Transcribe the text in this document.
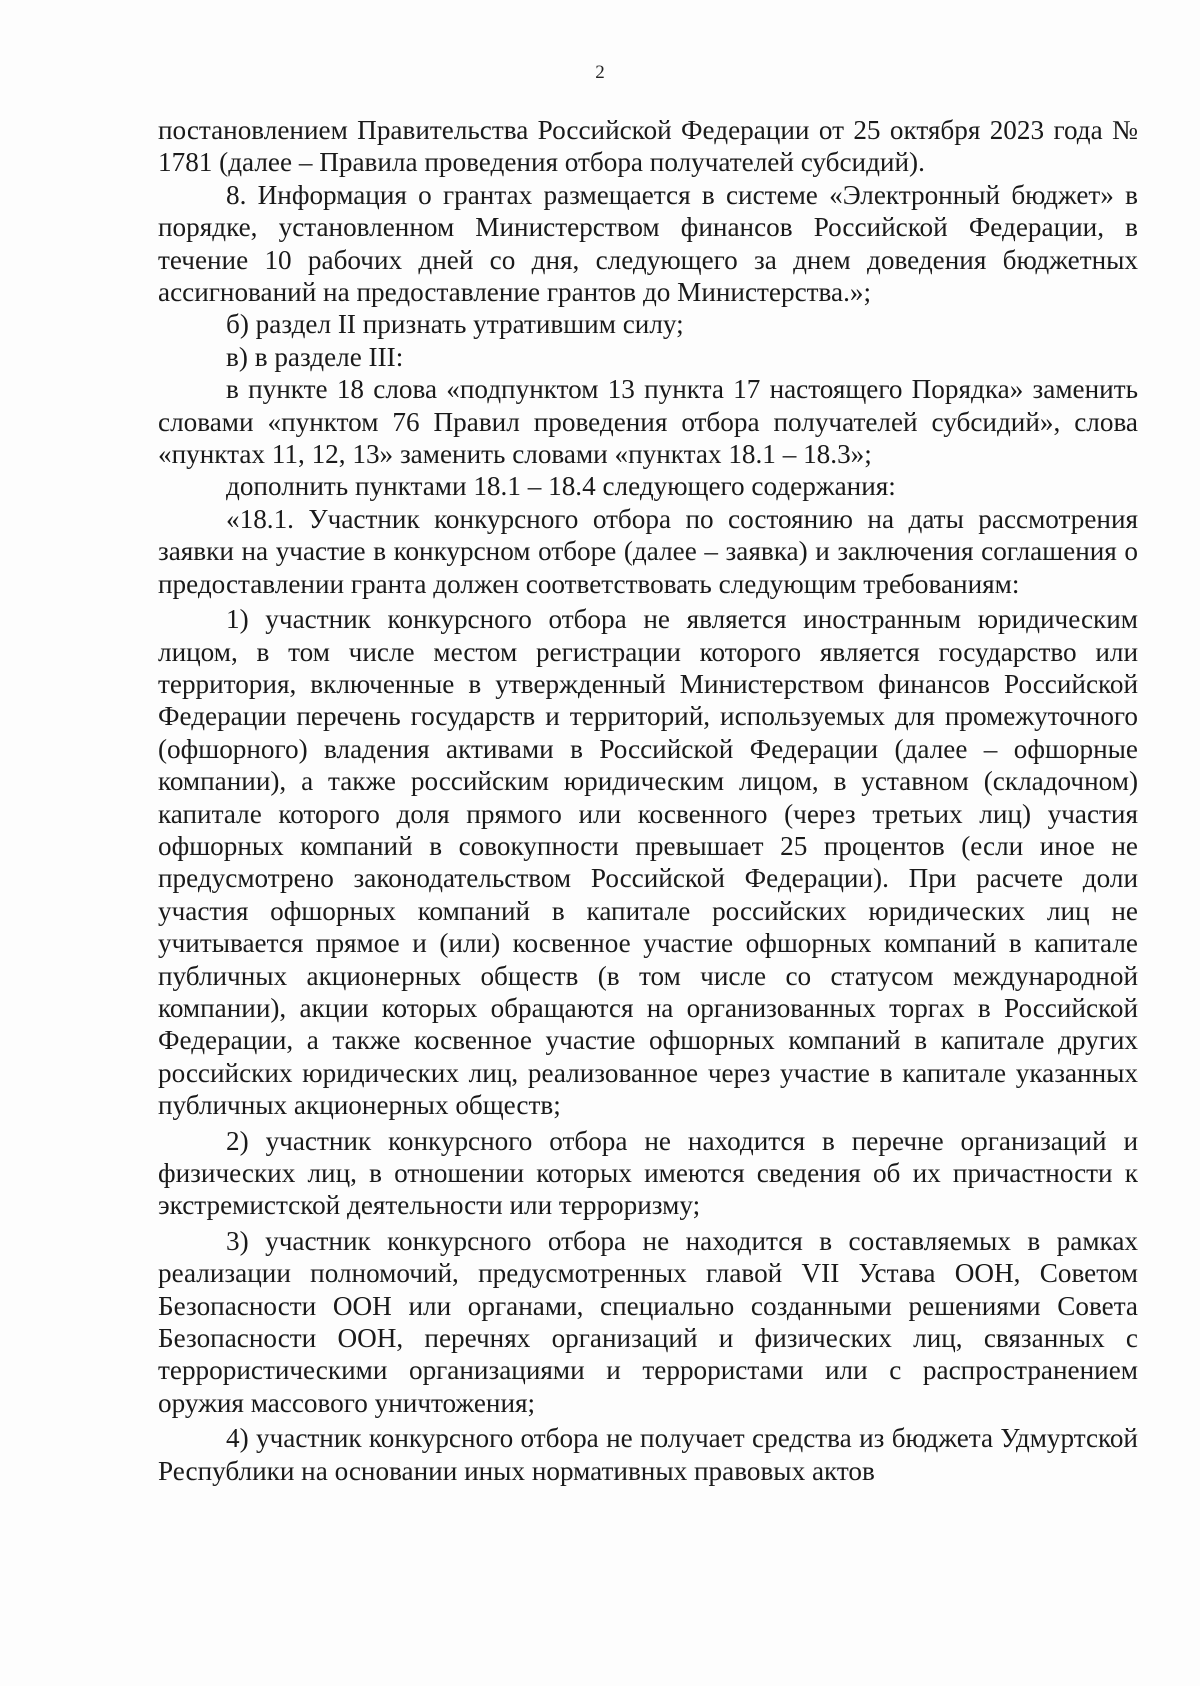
2

постановлением Правительства Российской Федерации от 25 октября 2023 года № 1781 (далее – Правила проведения отбора получателей субсидий).

8. Информация о грантах размещается в системе «Электронный бюджет» в порядке, установленном Министерством финансов Российской Федерации, в течение 10 рабочих дней со дня, следующего за днем доведения бюджетных ассигнований на предоставление грантов до Министерства.»;

б) раздел II признать утратившим силу;

в) в разделе III:

в пункте 18 слова «подпунктом 13 пункта 17 настоящего Порядка» заменить словами «пунктом 76 Правил проведения отбора получателей субсидий», слова «пунктах 11, 12, 13» заменить словами «пунктах 18.1 – 18.3»;

дополнить пунктами 18.1 – 18.4 следующего содержания:

«18.1. Участник конкурсного отбора по состоянию на даты рассмотрения заявки на участие в конкурсном отборе (далее – заявка) и заключения соглашения о предоставлении гранта должен соответствовать следующим требованиям:

1) участник конкурсного отбора не является иностранным юридическим лицом, в том числе местом регистрации которого является государство или территория, включенные в утвержденный Министерством финансов Российской Федерации перечень государств и территорий, используемых для промежуточного (офшорного) владения активами в Российской Федерации (далее – офшорные компании), а также российским юридическим лицом, в уставном (складочном) капитале которого доля прямого или косвенного (через третьих лиц) участия офшорных компаний в совокупности превышает 25 процентов (если иное не предусмотрено законодательством Российской Федерации). При расчете доли участия офшорных компаний в капитале российских юридических лиц не учитывается прямое и (или) косвенное участие офшорных компаний в капитале публичных акционерных обществ (в том числе со статусом международной компании), акции которых обращаются на организованных торгах в Российской Федерации, а также косвенное участие офшорных компаний в капитале других российских юридических лиц, реализованное через участие в капитале указанных публичных акционерных обществ;

2) участник конкурсного отбора не находится в перечне организаций и физических лиц, в отношении которых имеются сведения об их причастности к экстремистской деятельности или терроризму;

3) участник конкурсного отбора не находится в составляемых в рамках реализации полномочий, предусмотренных главой VII Устава ООН, Советом Безопасности ООН или органами, специально созданными решениями Совета Безопасности ООН, перечнях организаций и физических лиц, связанных с террористическими организациями и террористами или с распространением оружия массового уничтожения;

4) участник конкурсного отбора не получает средства из бюджета Удмуртской Республики на основании иных нормативных правовых актов
